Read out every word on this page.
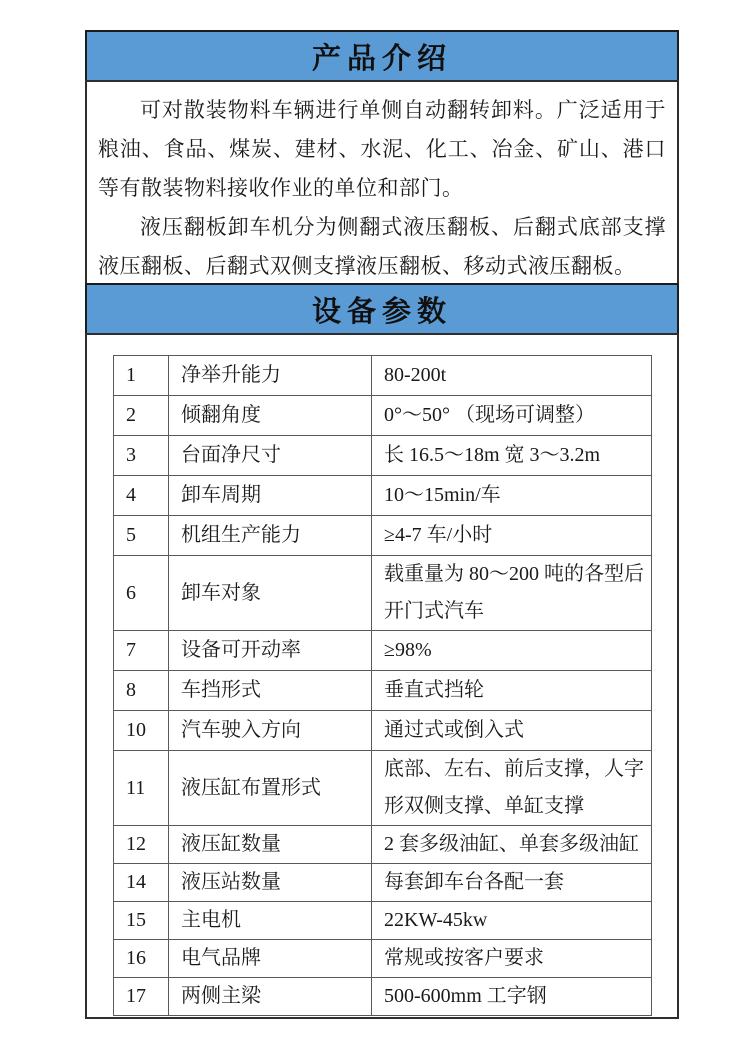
产品介绍

可对散装物料车辆进行单侧自动翻转卸料。广泛适用于粮油、食品、煤炭、建材、水泥、化工、冶金、矿山、港口等有散装物料接收作业的单位和部门。

液压翻板卸车机分为侧翻式液压翻板、后翻式底部支撑液压翻板、后翻式双侧支撑液压翻板、移动式液压翻板。

设备参数
1	净举升能力	80-200t
2	倾翻角度	0°～50° （现场可调整）
3	台面净尺寸	长 16.5～18m 宽 3～3.2m
4	卸车周期	10～15min/车
5	机组生产能力	≥4-7 车/小时
6	卸车对象	载重量为 80～200 吨的各型后开门式汽车
7	设备可开动率	≥98%
8	车挡形式	垂直式挡轮
10	汽车驶入方向	通过式或倒入式
11	液压缸布置形式	底部、左右、前后支撑，人字形双侧支撑、单缸支撑
12	液压缸数量	2 套多级油缸、单套多级油缸
14	液压站数量	每套卸车台各配一套
15	主电机	22KW-45kw
16	电气品牌	常规或按客户要求
17	两侧主梁	500-600mm 工字钢
